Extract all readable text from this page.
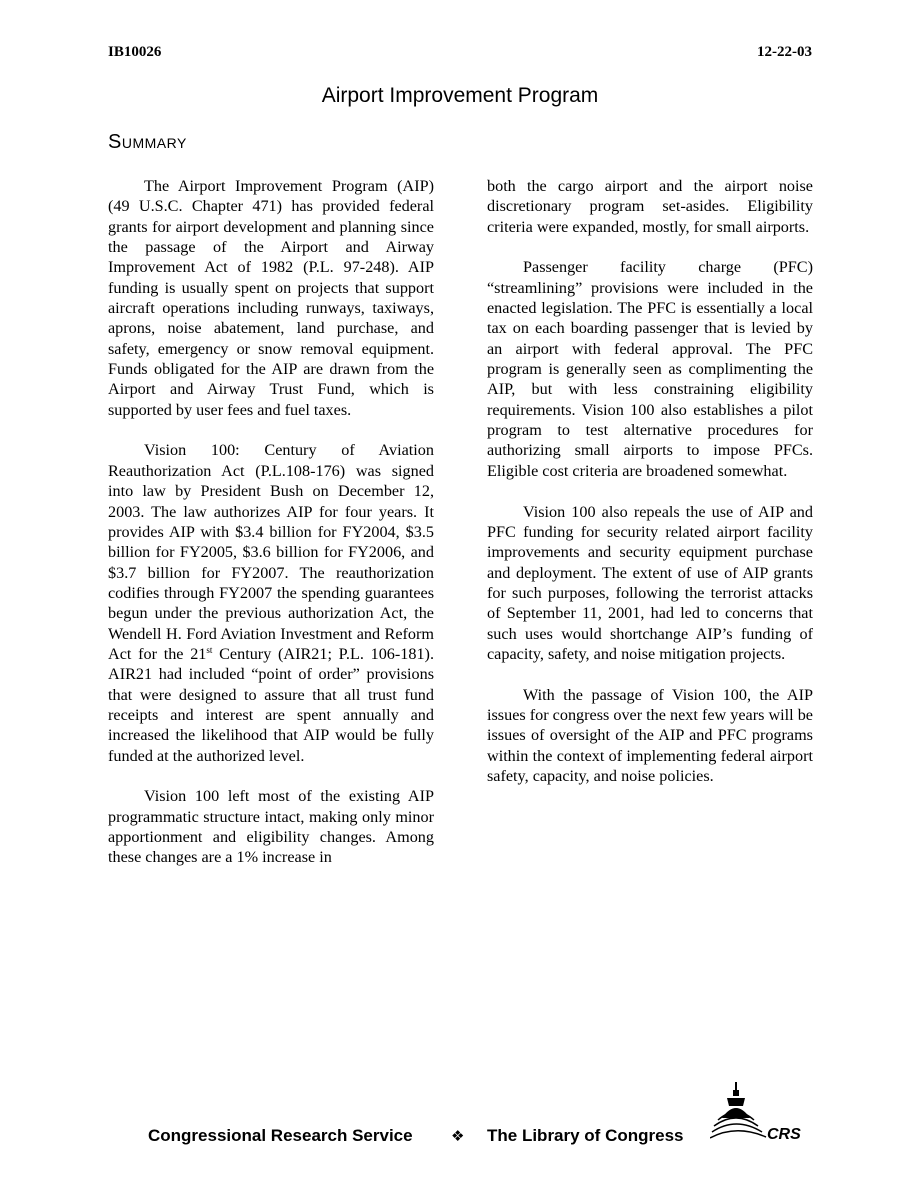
IB10026	12-22-03
Airport Improvement Program
Summary

The Airport Improvement Program (AIP) (49 U.S.C. Chapter 471) has provided federal grants for airport development and planning since the passage of the Airport and Airway Improvement Act of 1982 (P.L. 97-248). AIP funding is usually spent on projects that support aircraft operations including runways, taxiways, aprons, noise abatement, land purchase, and safety, emergency or snow removal equipment. Funds obligated for the AIP are drawn from the Airport and Airway Trust Fund, which is supported by user fees and fuel taxes.

Vision 100: Century of Aviation Reauthorization Act (P.L.108-176) was signed into law by President Bush on December 12, 2003. The law authorizes AIP for four years. It provides AIP with $3.4 billion for FY2004, $3.5 billion for FY2005, $3.6 billion for FY2006, and $3.7 billion for FY2007. The reauthorization codifies through FY2007 the spending guarantees begun under the previous authorization Act, the Wendell H. Ford Aviation Investment and Reform Act for the 21st Century (AIR21; P.L. 106-181). AIR21 had included “point of order” provisions that were designed to assure that all trust fund receipts and interest are spent annually and increased the likelihood that AIP would be fully funded at the authorized level.

Vision 100 left most of the existing AIP programmatic structure intact, making only minor apportionment and eligibility changes. Among these changes are a 1% increase in

both the cargo airport and the airport noise discretionary program set-asides. Eligibility criteria were expanded, mostly, for small airports.

Passenger facility charge (PFC) “streamlining” provisions were included in the enacted legislation. The PFC is essentially a local tax on each boarding passenger that is levied by an airport with federal approval. The PFC program is generally seen as complimenting the AIP, but with less constraining eligibility requirements. Vision 100 also establishes a pilot program to test alternative procedures for authorizing small airports to impose PFCs. Eligible cost criteria are broadened somewhat.

Vision 100 also repeals the use of AIP and PFC funding for security related airport facility improvements and security equipment purchase and deployment. The extent of use of AIP grants for such purposes, following the terrorist attacks of September 11, 2001, had led to concerns that such uses would shortchange AIP’s funding of capacity, safety, and noise mitigation projects.

With the passage of Vision 100, the AIP issues for congress over the next few years will be issues of oversight of the AIP and PFC programs within the context of implementing federal airport safety, capacity, and noise policies.

Congressional Research Service	❖ The Library of Congress	CRS
